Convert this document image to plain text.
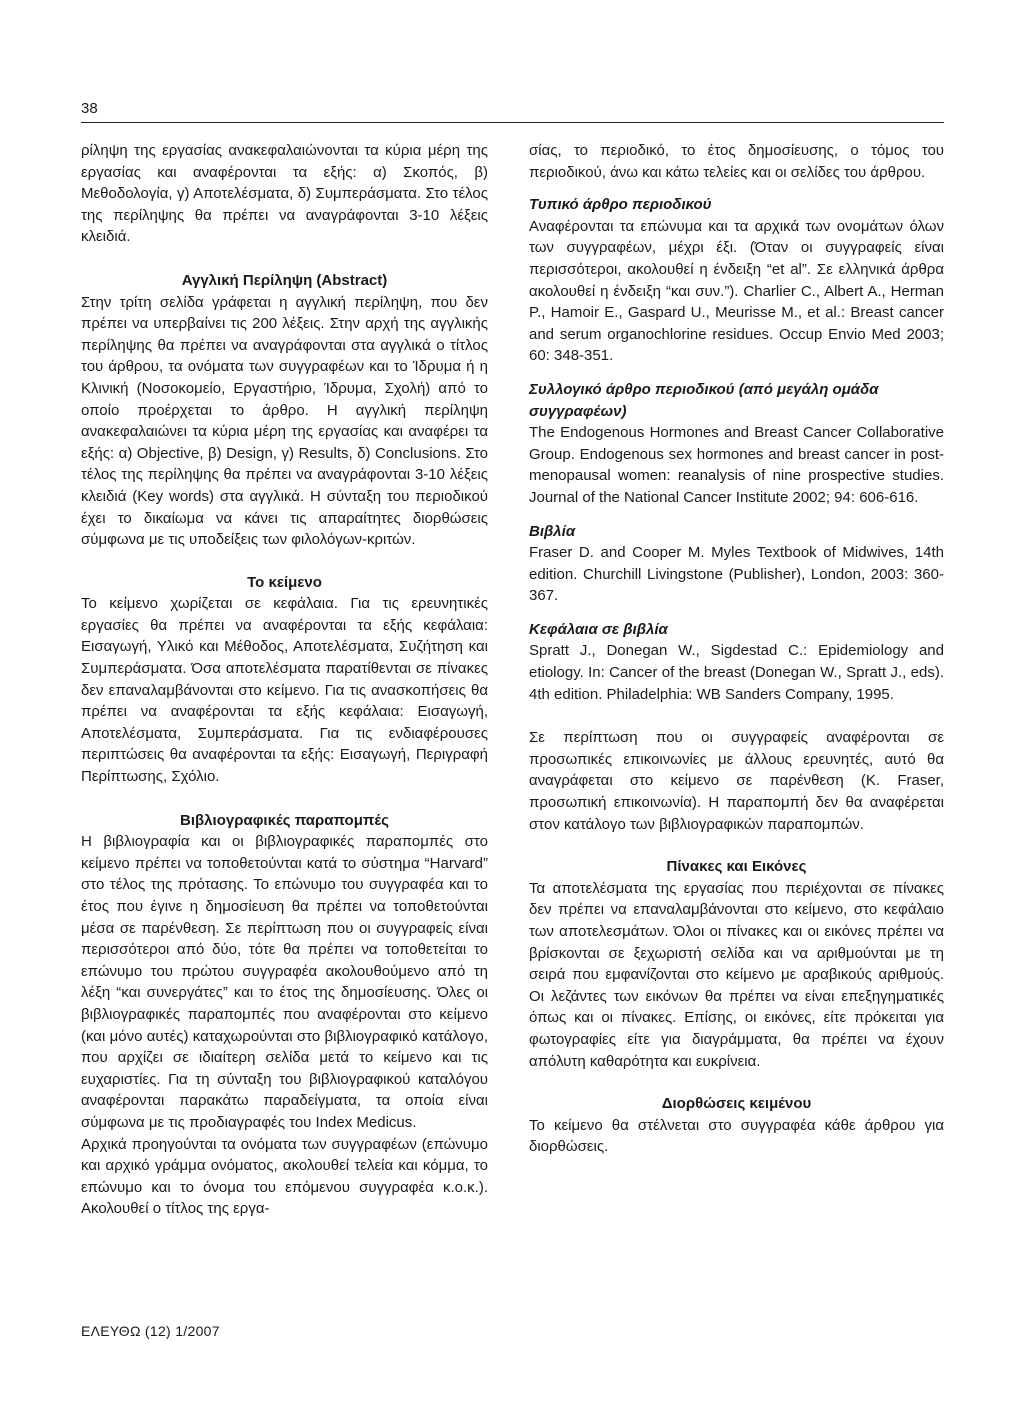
38

ρίληψη της εργασίας ανακεφαλαιώνονται τα κύρια μέρη της εργασίας και αναφέρονται τα εξής: α) Σκοπός, β) Μεθοδολογία, γ) Αποτελέσματα, δ) Συμπεράσματα. Στο τέλος της περίληψης θα πρέπει να αναγράφονται 3-10 λέξεις κλειδιά.

Αγγλική Περίληψη (Abstract)

Στην τρίτη σελίδα γράφεται η αγγλική περίληψη, που δεν πρέπει να υπερβαίνει τις 200 λέξεις. Στην αρχή της αγγλικής περίληψης θα πρέπει να αναγράφονται στα αγγλικά ο τίτλος του άρθρου, τα ονόματα των συγγραφέων και το Ίδρυμα ή η Κλινική (Νοσοκομείο, Εργαστήριο, Ίδρυμα, Σχολή) από το οποίο προέρχεται το άρθρο. Η αγγλική περίληψη ανακεφαλαιώνει τα κύρια μέρη της εργασίας και αναφέρει τα εξής: α) Objective, β) Design, γ) Results, δ) Conclusions. Στο τέλος της περίληψης θα πρέπει να αναγράφονται 3-10 λέξεις κλειδιά (Key words) στα αγγλικά. Η σύνταξη του περιοδικού έχει το δικαίωμα να κάνει τις απαραίτητες διορθώσεις σύμφωνα με τις υποδείξεις των φιλολόγων-κριτών.

Το κείμενο

Το κείμενο χωρίζεται σε κεφάλαια. Για τις ερευνητικές εργασίες θα πρέπει να αναφέρονται τα εξής κεφάλαια: Εισαγωγή, Υλικό και Μέθοδος, Αποτελέσματα, Συζήτηση και Συμπεράσματα. Όσα αποτελέσματα παρατίθενται σε πίνακες δεν επαναλαμβάνονται στο κείμενο. Για τις ανασκοπήσεις θα πρέπει να αναφέρονται τα εξής κεφάλαια: Εισαγωγή, Αποτελέσματα, Συμπεράσματα. Για τις ενδιαφέρουσες περιπτώσεις θα αναφέρονται τα εξής: Εισαγωγή, Περιγραφή Περίπτωσης, Σχόλιο.

Βιβλιογραφικές παραπομπές

Η βιβλιογραφία και οι βιβλιογραφικές παραπομπές στο κείμενο πρέπει να τοποθετούνται κατά το σύστημα “Harvard” στο τέλος της πρότασης. Το επώνυμο του συγγραφέα και το έτος που έγινε η δημοσίευση θα πρέπει να τοποθετούνται μέσα σε παρένθεση. Σε περίπτωση που οι συγγραφείς είναι περισσότεροι από δύο, τότε θα πρέπει να τοποθετείται το επώνυμο του πρώτου συγγραφέα ακολουθούμενο από τη λέξη “και συνεργάτες” και το έτος της δημοσίευσης. Όλες οι βιβλιογραφικές παραπομπές που αναφέρονται στο κείμενο (και μόνο αυτές) καταχωρούνται στο βιβλιογραφικό κατάλογο, που αρχίζει σε ιδιαίτερη σελίδα μετά το κείμενο και τις ευχαριστίες. Για τη σύνταξη του βιβλιογραφικού καταλόγου αναφέρονται παρακάτω παραδείγματα, τα οποία είναι σύμφωνα με τις προδιαγραφές του Index Medicus.

Αρχικά προηγούνται τα ονόματα των συγγραφέων (επώνυμο και αρχικό γράμμα ονόματος, ακολουθεί τελεία και κόμμα, το επώνυμο και το όνομα του επόμενου συγγραφέα κ.ο.κ.). Ακολουθεί ο τίτλος της εργα-

σίας, το περιοδικό, το έτος δημοσίευσης, ο τόμος του περιοδικού, άνω και κάτω τελείες και οι σελίδες του άρθρου.

Τυπικό άρθρο περιοδικού

Αναφέρονται τα επώνυμα και τα αρχικά των ονομάτων όλων των συγγραφέων, μέχρι έξι. (Όταν οι συγγραφείς είναι περισσότεροι, ακολουθεί η ένδειξη “et al”. Σε ελληνικά άρθρα ακολουθεί η ένδειξη “και συν.”). Charlier C., Albert A., Herman P., Hamoir E., Gaspard U., Meurisse M., et al.: Breast cancer and serum organochlorine residues. Occup Envio Med 2003; 60: 348-351.

Συλλογικό άρθρο περιοδικού (από μεγάλη ομάδα συγγραφέων)

The Endogenous Hormones and Breast Cancer Collaborative Group. Endogenous sex hormones and breast cancer in post-menopausal women: reanalysis of nine prospective studies. Journal of the National Cancer Institute 2002; 94: 606-616.

Βιβλία

Fraser D. and Cooper M. Myles Textbook of Midwives, 14th edition. Churchill Livingstone (Publisher), London, 2003: 360-367.

Κεφάλαια σε βιβλία

Spratt J., Donegan W., Sigdestad C.: Epidemiology and etiology. In: Cancer of the breast (Donegan W., Spratt J., eds). 4th edition. Philadelphia: WB Sanders Company, 1995.

Σε περίπτωση που οι συγγραφείς αναφέρονται σε προσωπικές επικοινωνίες με άλλους ερευνητές, αυτό θα αναγράφεται στο κείμενο σε παρένθεση (Κ. Fraser, προσωπική επικοινωνία). Η παραπομπή δεν θα αναφέρεται στον κατάλογο των βιβλιογραφικών παραπομπών.

Πίνακες και Εικόνες

Τα αποτελέσματα της εργασίας που περιέχονται σε πίνακες δεν πρέπει να επαναλαμβάνονται στο κείμενο, στο κεφάλαιο των αποτελεσμάτων. Όλοι οι πίνακες και οι εικόνες πρέπει να βρίσκονται σε ξεχωριστή σελίδα και να αριθμούνται με τη σειρά που εμφανίζονται στο κείμενο με αραβικούς αριθμούς. Οι λεζάντες των εικόνων θα πρέπει να είναι επεξηγηματικές όπως και οι πίνακες. Επίσης, οι εικόνες, είτε πρόκειται για φωτογραφίες είτε για διαγράμματα, θα πρέπει να έχουν απόλυτη καθαρότητα και ευκρίνεια.

Διορθώσεις κειμένου

Το κείμενο θα στέλνεται στο συγγραφέα κάθε άρθρου για διορθώσεις.

ΕΛΕΥΘΩ (12) 1/2007
